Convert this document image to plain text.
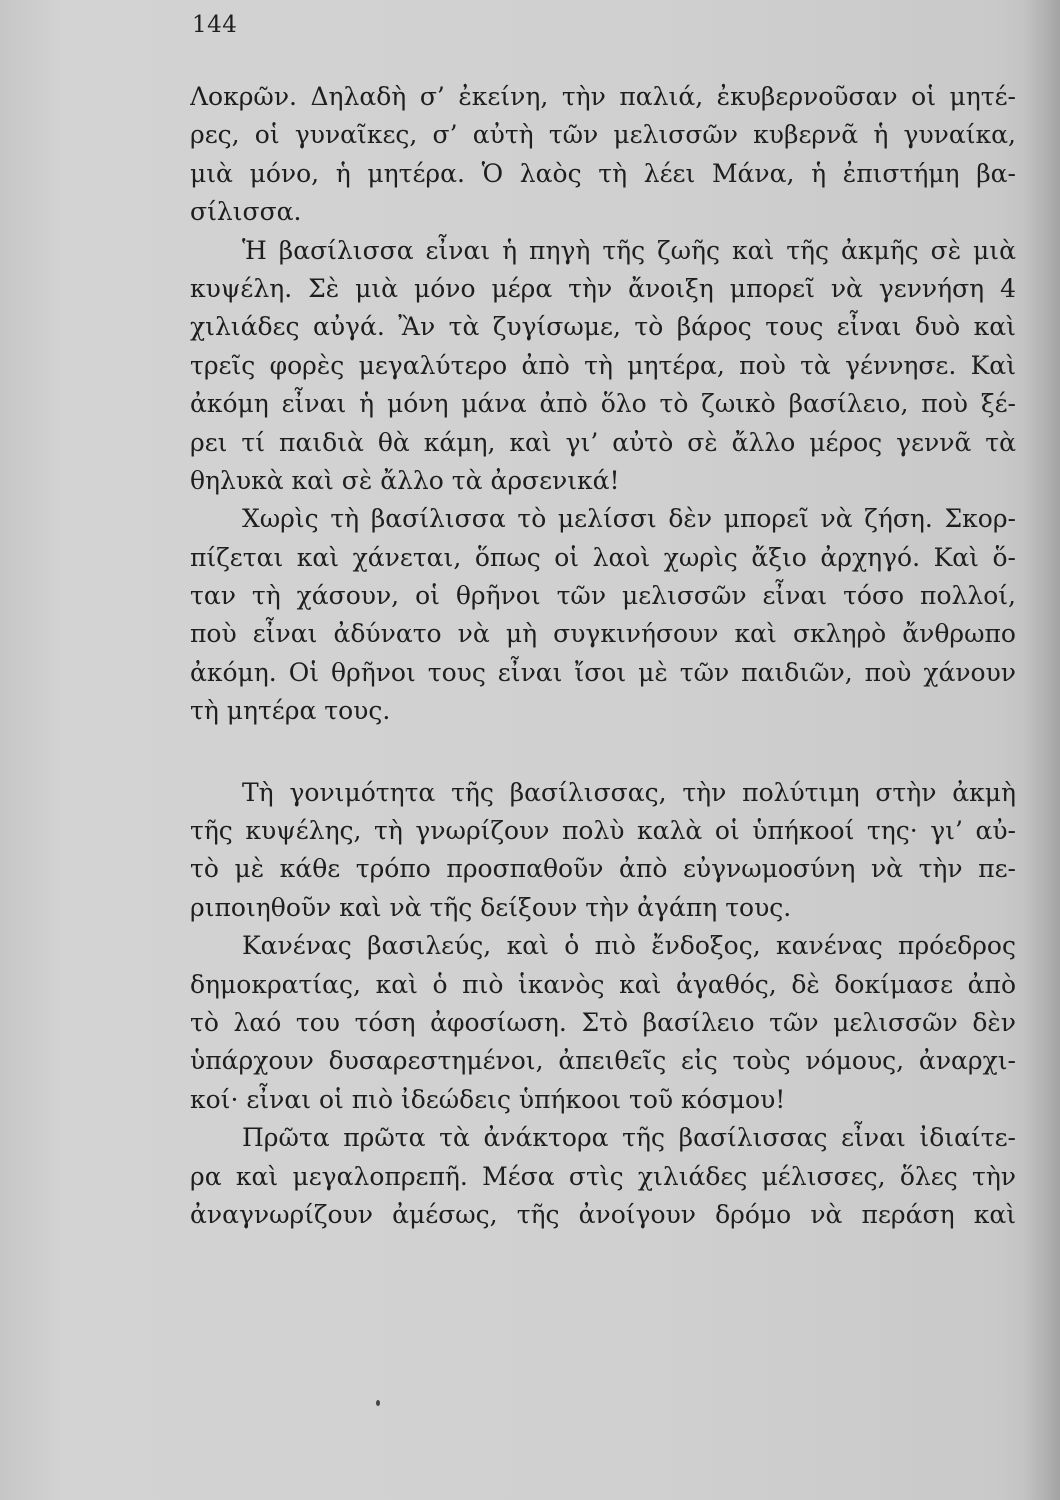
144
Λοκρῶν. Δηλαδὴ σ’ ἐκείνη, τὴν παλιά, ἐκυβερνοῦσαν οἱ μητέ-
ρες, οἱ γυναῖκες, σ’ αὐτὴ τῶν μελισσῶν κυβερνᾶ ἡ γυναίκα,
μιὰ μόνο, ἡ μητέρα. Ὁ λαὸς τὴ λέει Μάνα, ἡ ἐπιστήμη βα-
σίλισσα.
Ἡ βασίλισσα εἶναι ἡ πηγὴ τῆς ζωῆς καὶ τῆς ἀκμῆς σὲ μιὰ
κυψέλη. Σὲ μιὰ μόνο μέρα τὴν ἄνοιξη μπορεῖ νὰ γεννήση 4
χιλιάδες αὐγά. Ἂν τὰ ζυγίσωμε, τὸ βάρος τους εἶναι δυὸ καὶ
τρεῖς φορὲς μεγαλύτερο ἀπὸ τὴ μητέρα, ποὺ τὰ γέννησε. Καὶ
ἀκόμη εἶναι ἡ μόνη μάνα ἀπὸ ὅλο τὸ ζωικὸ βασίλειο, ποὺ ξέ-
ρει τί παιδιὰ θὰ κάμη, καὶ γι’ αὐτὸ σὲ ἄλλο μέρος γεννᾶ τὰ
θηλυκὰ καὶ σὲ ἄλλο τὰ ἀρσενικά!
Χωρὶς τὴ βασίλισσα τὸ μελίσσι δὲν μπορεῖ νὰ ζήση. Σκορ-
πίζεται καὶ χάνεται, ὅπως οἱ λαοὶ χωρὶς ἄξιο ἀρχηγό. Καὶ ὅ-
ταν τὴ χάσουν, οἱ θρῆνοι τῶν μελισσῶν εἶναι τόσο πολλοί,
ποὺ εἶναι ἀδύνατο νὰ μὴ συγκινήσουν καὶ σκληρὸ ἄνθρωπο
ἀκόμη. Οἱ θρῆνοι τους εἶναι ἴσοι μὲ τῶν παιδιῶν, ποὺ χάνουν
τὴ μητέρα τους.
Τὴ γονιμότητα τῆς βασίλισσας, τὴν πολύτιμη στὴν ἀκμὴ
τῆς κυψέλης, τὴ γνωρίζουν πολὺ καλὰ οἱ ὑπήκοοί της· γι’ αὐ-
τὸ μὲ κάθε τρόπο προσπαθοῦν ἀπὸ εὐγνωμοσύνη νὰ τὴν πε-
ριποιηθοῦν καὶ νὰ τῆς δείξουν τὴν ἀγάπη τους.
Κανένας βασιλεύς, καὶ ὁ πιὸ ἔνδοξος, κανένας πρόεδρος
δημοκρατίας, καὶ ὁ πιὸ ἱκανὸς καὶ ἀγαθός, δὲ δοκίμασε ἀπὸ
τὸ λαό του τόση ἀφοσίωση. Στὸ βασίλειο τῶν μελισσῶν δὲν
ὑπάρχουν δυσαρεστημένοι, ἀπειθεῖς εἰς τοὺς νόμους, ἀναρχι-
κοί· εἶναι οἱ πιὸ ἰδεώδεις ὑπήκοοι τοῦ κόσμου!
Πρῶτα πρῶτα τὰ ἀνάκτορα τῆς βασίλισσας εἶναι ἰδιαίτε-
ρα καὶ μεγαλοπρεπῆ. Μέσα στὶς χιλιάδες μέλισσες, ὅλες τὴν
ἀναγνωρίζουν ἀμέσως, τῆς ἀνοίγουν δρόμο νὰ περάση καὶ
